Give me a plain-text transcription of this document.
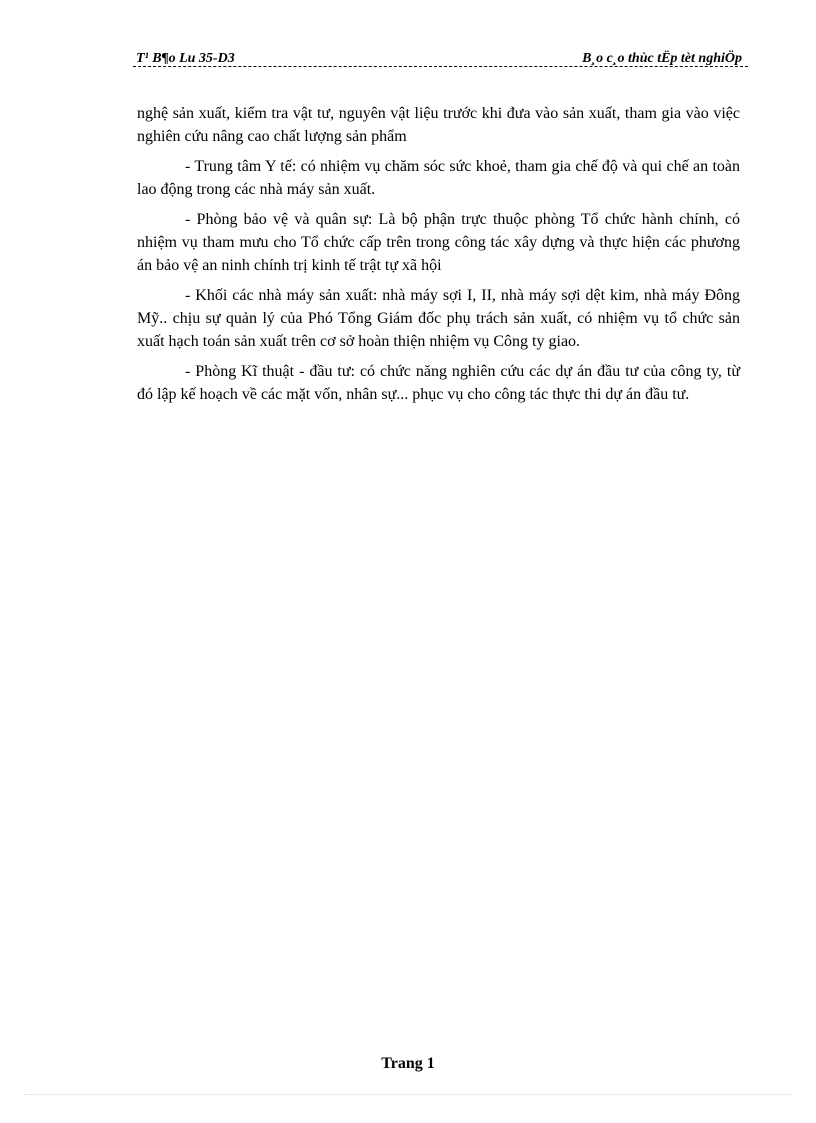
T¹ B¶o Lu 35-D3	B¸o c¸o thùc tËp tèt nghiÖp

nghệ sản xuất, kiểm tra vật tư, nguyên vật liệu trước khi đưa vào sản xuất, tham gia vào việc nghiên cứu nâng cao chất lượng sản phẩm

- Trung tâm Y tế: có nhiệm vụ chăm sóc sức khoẻ, tham gia chế độ và qui chế an toàn lao động trong các nhà máy sản xuất.

- Phòng bảo vệ và quân sự: Là bộ phận trực thuộc phòng Tổ chức hành chính, có nhiệm vụ tham mưu cho Tổ chức cấp trên trong công tác xây dựng và thực hiện các phương án bảo vệ an ninh chính trị kinh tế trật tự xã hội

- Khối các nhà máy sản xuất: nhà máy sợi I, II, nhà máy sợi dệt kim, nhà máy Đông Mỹ.. chịu sự quản lý của Phó Tổng Giám đốc phụ trách sản xuất, có nhiệm vụ tổ chức sản xuất hạch toán sản xuất trên cơ sở hoàn thiện nhiệm vụ Công ty giao.

- Phòng Kĩ thuật - đầu tư: có chức năng nghiên cứu các dự án đầu tư của công ty, từ đó lập kế hoạch về các mặt vốn, nhân sự... phục vụ cho công tác thực thi dự án đầu tư.

Trang 1
